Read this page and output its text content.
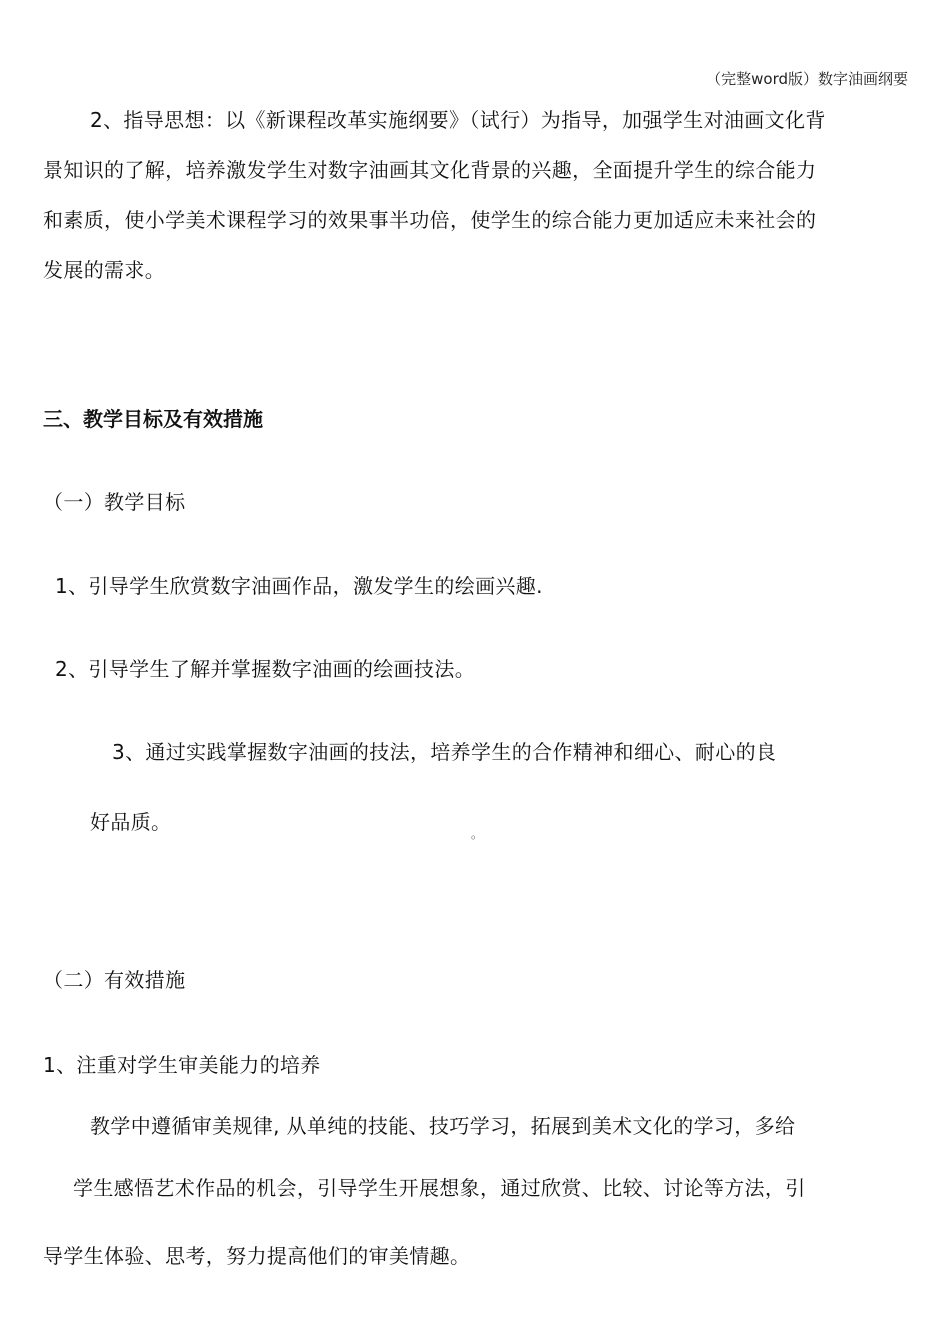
（完整word版）数字油画纲要
2、指导思想：以《新课程改革实施纲要》（试行）为指导，加强学生对油画文化背
景知识的了解，培养激发学生对数字油画其文化背景的兴趣，全面提升学生的综合能力
和素质，使小学美术课程学习的效果事半功倍，使学生的综合能力更加适应未来社会的
发展的需求。
三、教学目标及有效措施
（一）教学目标
1、引导学生欣赏数字油画作品，激发学生的绘画兴趣.
2、引导学生了解并掌握数字油画的绘画技法。
3、通过实践掌握数字油画的技法，培养学生的合作精神和细心、耐心的良
好品质。	。
（二）有效措施
1、注重对学生审美能力的培养
教学中遵循审美规律, 从单纯的技能、技巧学习，拓展到美术文化的学习，多给
学生感悟艺术作品的机会，引导学生开展想象，通过欣赏、比较、讨论等方法，引
导学生体验、思考，努力提高他们的审美情趣。
